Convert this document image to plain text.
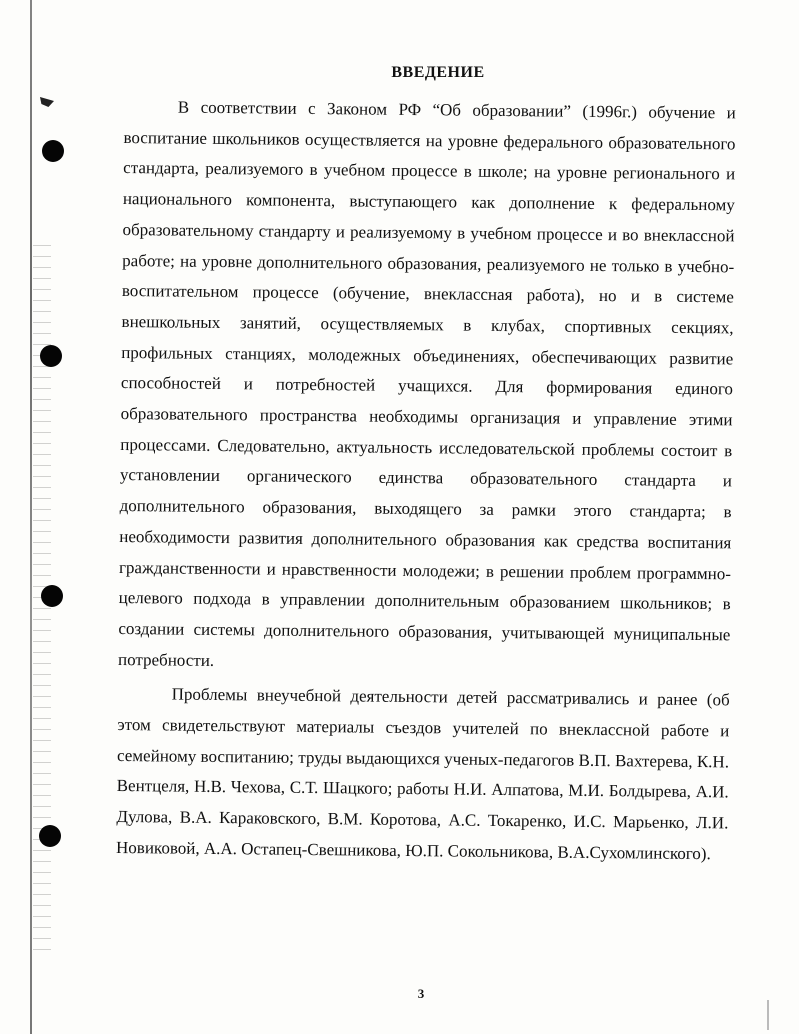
ВВЕДЕНИЕ

В соответствии с Законом РФ “Об образовании” (1996г.) обучение и воспитание школьников осуществляется на уровне федерального образовательного стандарта, реализуемого в учебном процессе в школе; на уровне регионального и национального компонента, выступающего как дополнение к федеральному образовательному стандарту и реализуемому в учебном процессе и во внеклассной работе; на уровне дополнительного образования, реализуемого не только в учебно-воспитательном процессе (обучение, внеклассная работа), но и в системе внешкольных занятий, осуществляемых в клубах, спортивных секциях, профильных станциях, молодежных объединениях, обеспечивающих развитие способностей и потребностей учащихся. Для формирования единого образовательного пространства необходимы организация и управление этими процессами. Следовательно, актуальность исследовательской проблемы состоит в установлении органического единства образовательного стандарта и дополнительного образования, выходящего за рамки этого стандарта; в необходимости развития дополнительного образования как средства воспитания гражданственности и нравственности молодежи; в решении проблем программно-целевого подхода в управлении дополнительным образованием школьников; в создании системы дополнительного образования, учитывающей муниципальные потребности.

Проблемы внеучебной деятельности детей рассматривались и ранее (об этом свидетельствуют материалы съездов учителей по внеклассной работе и семейному воспитанию; труды выдающихся ученых-педагогов В.П. Вахтерева, К.Н. Вентцеля, Н.В. Чехова, С.Т. Шацкого; работы Н.И. Алпатова, М.И. Болдырева, А.И. Дулова, В.А. Караковского, В.М. Коротова, А.С. Токаренко, И.С. Марьенко, Л.И. Новиковой, А.А. Остапец-Свешникова, Ю.П. Сокольникова, В.А.Сухомлинского).

3
